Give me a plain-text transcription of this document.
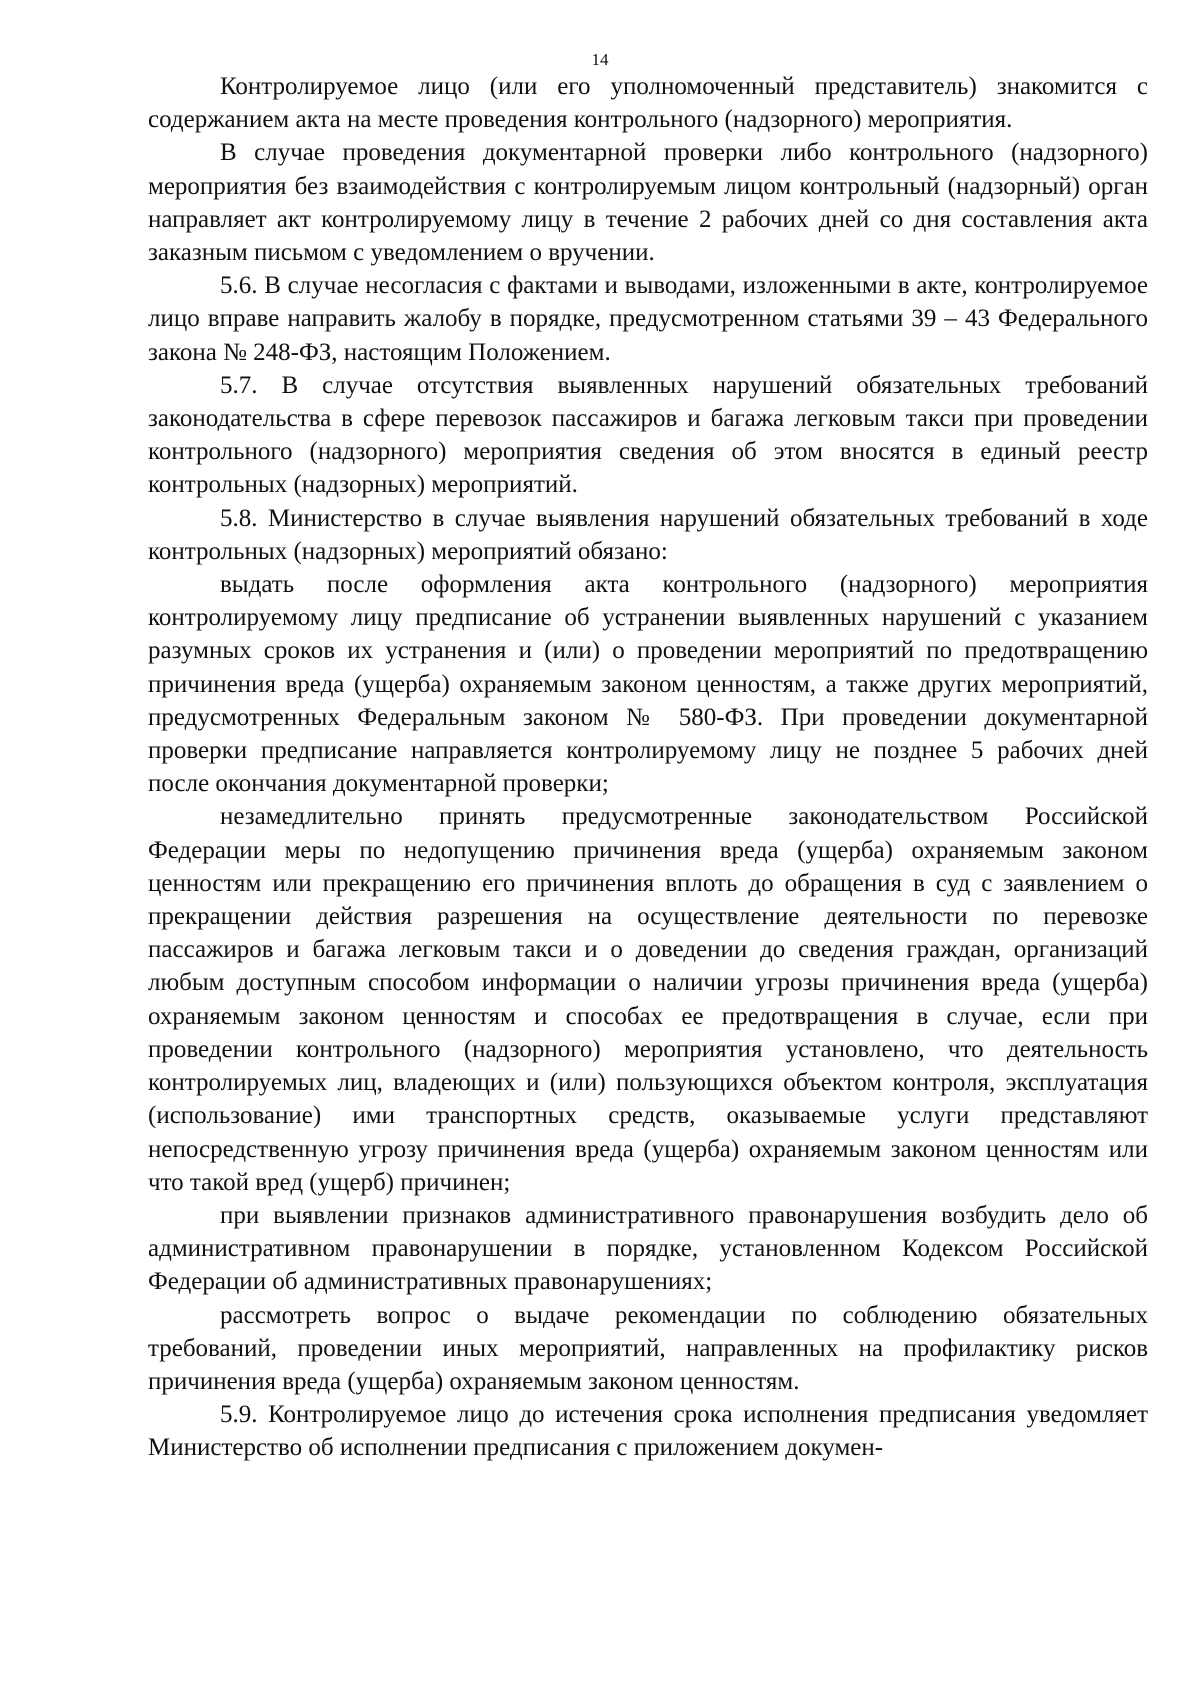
14

Контролируемое лицо (или его уполномоченный представитель) знакомится с содержанием акта на месте проведения контрольного (надзорного) мероприятия.

В случае проведения документарной проверки либо контрольного (надзорного) мероприятия без взаимодействия с контролируемым лицом контрольный (надзорный) орган направляет акт контролируемому лицу в течение 2 рабочих дней со дня составления акта заказным письмом с уведомлением о вручении.

5.6. В случае несогласия с фактами и выводами, изложенными в акте, контролируемое лицо вправе направить жалобу в порядке, предусмотренном статьями 39 – 43 Федерального закона № 248-ФЗ, настоящим Положением.

5.7. В случае отсутствия выявленных нарушений обязательных требований законодательства в сфере перевозок пассажиров и багажа легковым такси при проведении контрольного (надзорного) мероприятия сведения об этом вносятся в единый реестр контрольных (надзорных) мероприятий.

5.8. Министерство в случае выявления нарушений обязательных требований в ходе контрольных (надзорных) мероприятий обязано:

выдать после оформления акта контрольного (надзорного) мероприятия контролируемому лицу предписание об устранении выявленных нарушений с указанием разумных сроков их устранения и (или) о проведении мероприятий по предотвращению причинения вреда (ущерба) охраняемым законом ценностям, а также других мероприятий, предусмотренных Федеральным законом № 580-ФЗ. При проведении документарной проверки предписание направляется контролируемому лицу не позднее 5 рабочих дней после окончания документарной проверки;

незамедлительно принять предусмотренные законодательством Российской Федерации меры по недопущению причинения вреда (ущерба) охраняемым законом ценностям или прекращению его причинения вплоть до обращения в суд с заявлением о прекращении действия разрешения на осуществление деятельности по перевозке пассажиров и багажа легковым такси и о доведении до сведения граждан, организаций любым доступным способом информации о наличии угрозы причинения вреда (ущерба) охраняемым законом ценностям и способах ее предотвращения в случае, если при проведении контрольного (надзорного) мероприятия установлено, что деятельность контролируемых лиц, владеющих и (или) пользующихся объектом контроля, эксплуатация (использование) ими транспортных средств, оказываемые услуги представляют непосредственную угрозу причинения вреда (ущерба) охраняемым законом ценностям или что такой вред (ущерб) причинен;

при выявлении признаков административного правонарушения возбудить дело об административном правонарушении в порядке, установленном Кодексом Российской Федерации об административных правонарушениях;

рассмотреть вопрос о выдаче рекомендации по соблюдению обязательных требований, проведении иных мероприятий, направленных на профилактику рисков причинения вреда (ущерба) охраняемым законом ценностям.

5.9. Контролируемое лицо до истечения срока исполнения предписания уведомляет Министерство об исполнении предписания с приложением докумен-
